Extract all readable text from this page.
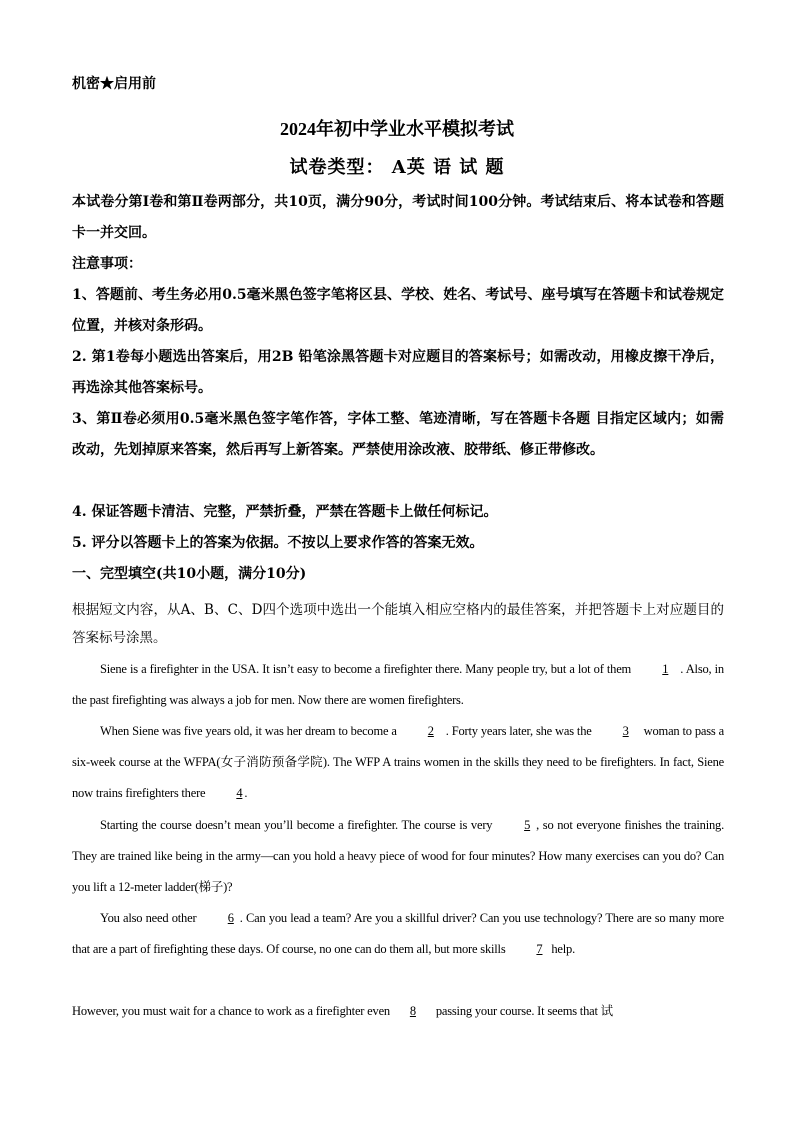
机密★启用前
2024年初中学业水平模拟考试
试卷类型： A英 语 试 题
本试卷分第Ⅰ卷和第Ⅱ卷两部分，共10页，满分90分，考试时间100分钟。考试结束后、将本试卷和答题卡一并交回。
注意事项：
1、答题前、考生务必用0.5毫米黑色签字笔将区县、学校、姓名、考试号、座号填写在答题卡和试卷规定位置，并核对条形码。
2. 第1卷每小题选出答案后，用2B 铅笔涂黑答题卡对应题目的答案标号；如需改动，用橡皮擦干净后，再选涂其他答案标号。
3、第Ⅱ卷必须用0.5毫米黑色签字笔作答，字体工整、笔迹清晰，写在答题卡各题 目指定区域内；如需改动，先划掉原来答案，然后再写上新答案。严禁使用涂改液、胶带纸、修正带修改。
4. 保证答题卡清洁、完整，严禁折叠，严禁在答题卡上做任何标记。
5. 评分以答题卡上的答案为依据。不按以上要求作答的答案无效。
一、完型填空(共10小题，满分10分)
根据短文内容，从A、B、C、D四个选项中选出一个能填入相应空格内的最佳答案，并把答题卡上对应题目的答案标号涂黑。
Siene is a firefighter in the USA. It isn’t easy to become a firefighter there. Many people try, but a lot of them 1 . Also, in the past firefighting was always a job for men. Now there are women firefighters.
When Siene was five years old, it was her dream to become a 2 . Forty years later, she was the 3 woman to pass a six-week course at the WFPA(女子消防预备学院). The WFP A trains women in the skills they need to be firefighters. In fact, Siene now trains firefighters there 4 .
Starting the course doesn’t mean you’ll become a firefighter. The course is very 5 , so not everyone finishes the training. They are trained like being in the army—can you hold a heavy piece of wood for four minutes? How many exercises can you do? Can you lift a 12-meter ladder(梯子)?
You also need other 6 . Can you lead a team? Are you a skillful driver? Can you use technology? There are so many more that are a part of firefighting these days. Of course, no one can do them all, but more skills 7 help.
However, you must wait for a chance to work as a firefighter even 8 passing your course. It seems that 试
